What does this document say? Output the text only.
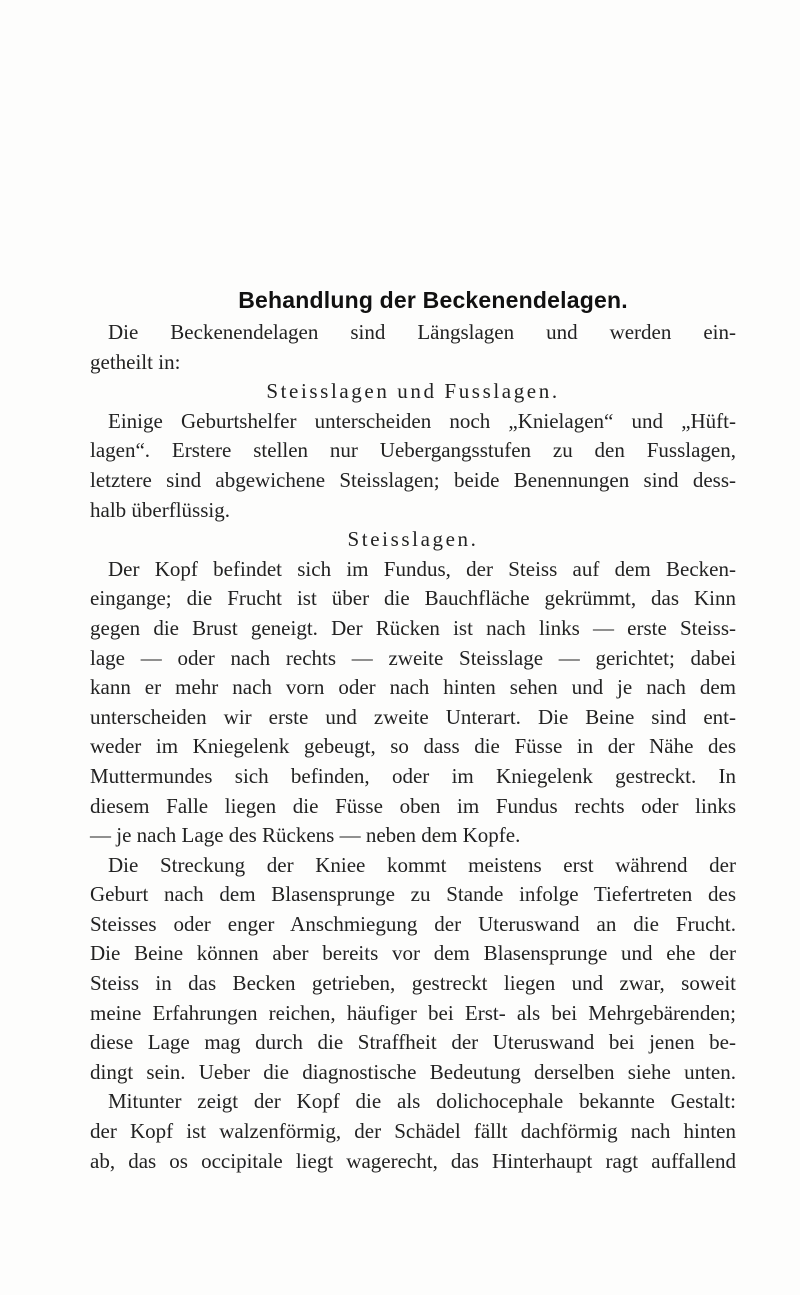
Behandlung der Beckenendelagen.

Die Beckenendelagen sind Längslagen und werden ein-

getheilt in:

Steisslagen und Fusslagen.

Einige Geburtshelfer unterscheiden noch „Knielagen“ und „Hüft-

lagen“. Erstere stellen nur Uebergangsstufen zu den Fusslagen,

letztere sind abgewichene Steisslagen; beide Benennungen sind dess-

halb überflüssig.

Steisslagen.

Der Kopf befindet sich im Fundus, der Steiss auf dem Becken-

eingange; die Frucht ist über die Bauchfläche gekrümmt, das Kinn

gegen die Brust geneigt. Der Rücken ist nach links — erste Steiss-

lage — oder nach rechts — zweite Steisslage — gerichtet; dabei

kann er mehr nach vorn oder nach hinten sehen und je nach dem

unterscheiden wir erste und zweite Unterart. Die Beine sind ent-

weder im Kniegelenk gebeugt, so dass die Füsse in der Nähe des

Muttermundes sich befinden, oder im Kniegelenk gestreckt. In

diesem Falle liegen die Füsse oben im Fundus rechts oder links

— je nach Lage des Rückens — neben dem Kopfe.

Die Streckung der Kniee kommt meistens erst während der

Geburt nach dem Blasensprunge zu Stande infolge Tiefertreten des

Steisses oder enger Anschmiegung der Uteruswand an die Frucht.

Die Beine können aber bereits vor dem Blasensprunge und ehe der

Steiss in das Becken getrieben, gestreckt liegen und zwar, soweit

meine Erfahrungen reichen, häufiger bei Erst- als bei Mehrgebärenden;

diese Lage mag durch die Straffheit der Uteruswand bei jenen be-

dingt sein. Ueber die diagnostische Bedeutung derselben siehe unten.

Mitunter zeigt der Kopf die als dolichocephale bekannte Gestalt:

der Kopf ist walzenförmig, der Schädel fällt dachförmig nach hinten

ab, das os occipitale liegt wagerecht, das Hinterhaupt ragt auffallend
